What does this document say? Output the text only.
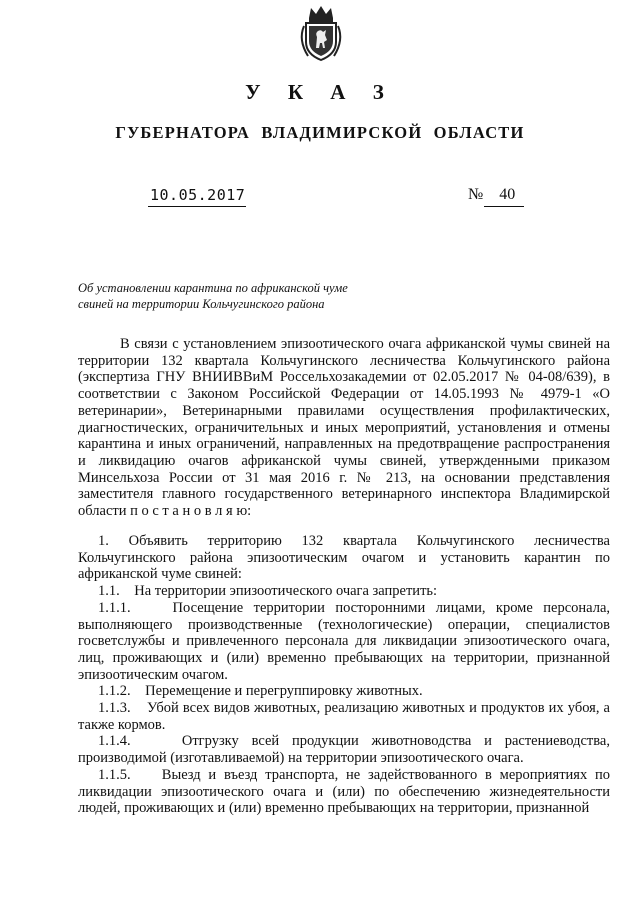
У К А З
ГУБЕРНАТОРА ВЛАДИМИРСКОЙ ОБЛАСТИ
10.05.2017	№ 40
Об установлении карантина по африканской чуме свиней на территории Кольчугинского района

В связи с установлением эпизоотического очага африканской чумы свиней на территории 132 квартала Кольчугинского лесничества Кольчугинского района (экспертиза ГНУ ВНИИВВиМ Россельхозакадемии от 02.05.2017 № 04-08/639), в соответствии с Законом Российской Федерации от 14.05.1993 № 4979-1 «О ветеринарии», Ветеринарными правилами осуществления профилактических, диагностических, ограничительных и иных мероприятий, установления и отмены карантина и иных ограничений, направленных на предотвращение распространения и ликвидацию очагов африканской чумы свиней, утвержденными приказом Минсельхоза России от 31 мая 2016 г. № 213, на основании представления заместителя главного государственного ветеринарного инспектора Владимирской области п о с т а н о в л я ю:

1. Объявить территорию 132 квартала Кольчугинского лесничества Кольчугинского района эпизоотическим очагом и установить карантин по африканской чуме свиней:

1.1. На территории эпизоотического очага запретить:

1.1.1.	Посещение территории посторонними лицами, кроме персонала, выполняющего производственные (технологические) операции, специалистов госветслужбы и привлеченного персонала для ликвидации эпизоотического очага, лиц, проживающих и (или) временно пребывающих на территории, признанной эпизоотическим очагом.

1.1.2. Перемещение и перегруппировку животных.

1.1.3. Убой всех видов животных, реализацию животных и продуктов их убоя, а также кормов.

1.1.4.	Отгрузку всей продукции животноводства и растениеводства, производимой (изготавливаемой) на территории эпизоотического очага.

1.1.5. Выезд и въезд транспорта, не задействованного в мероприятиях по ликвидации эпизоотического очага и (или) по обеспечению жизнедеятельности людей, проживающих и (или) временно пребывающих на территории, признанной
